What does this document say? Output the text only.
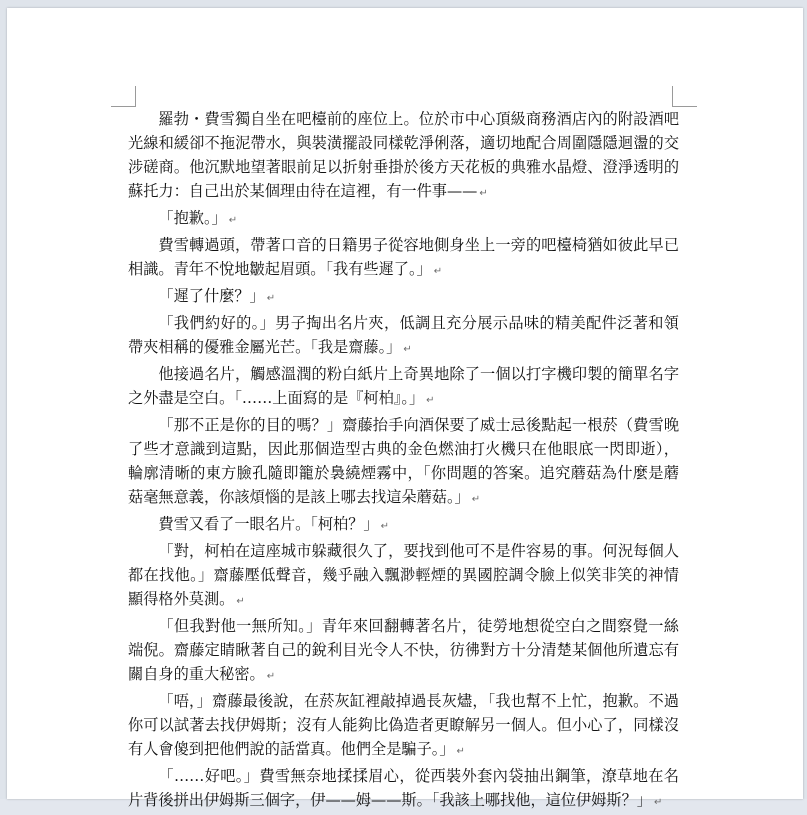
羅勃・費雪獨自坐在吧檯前的座位上。位於市中心頂級商務酒店內的附設酒吧光線和緩卻不拖泥帶水，與裝潢擺設同樣乾淨俐落，適切地配合周圍隱隱迴盪的交涉磋商。他沉默地望著眼前足以折射垂掛於後方天花板的典雅水晶燈、澄淨透明的蘇托力：自己出於某個理由待在這裡，有一件事—— ↵

「抱歉。」 ↵

費雪轉過頭，帶著口音的日籍男子從容地側身坐上一旁的吧檯椅猶如彼此早已相識。青年不悅地皺起眉頭。「我有些遲了。」 ↵

「遲了什麼？」 ↵

「我們約好的。」男子掏出名片夾，低調且充分展示品味的精美配件泛著和領帶夾相稱的優雅金屬光芒。「我是齋藤。」 ↵

他接過名片，觸感溫潤的粉白紙片上奇異地除了一個以打字機印製的簡單名字之外盡是空白。「……上面寫的是『柯柏』。」 ↵

「那不正是你的目的嗎？」齋藤抬手向酒保要了威士忌後點起一根菸（費雪晚了些才意識到這點，因此那個造型古典的金色燃油打火機只在他眼底一閃即逝），輪廓清晰的東方臉孔隨即籠於裊繞煙霧中，「你問題的答案。追究蘑菇為什麼是蘑菇毫無意義，你該煩惱的是該上哪去找這朵蘑菇。」 ↵

費雪又看了一眼名片。「柯柏？」 ↵

「對，柯柏在這座城市躲藏很久了，要找到他可不是件容易的事。何況每個人都在找他。」齋藤壓低聲音，幾乎融入飄渺輕煙的異國腔調令臉上似笑非笑的神情顯得格外莫測。 ↵

「但我對他一無所知。」青年來回翻轉著名片，徒勞地想從空白之間察覺一絲端倪。齋藤定睛瞅著自己的銳利目光令人不快，彷彿對方十分清楚某個他所遺忘有關自身的重大秘密。 ↵

「唔，」齋藤最後說，在菸灰缸裡敲掉過長灰燼，「我也幫不上忙，抱歉。不過你可以試著去找伊姆斯；沒有人能夠比偽造者更瞭解另一個人。但小心了，同樣沒有人會傻到把他們說的話當真。他們全是騙子。」 ↵

「……好吧。」費雪無奈地揉揉眉心，從西裝外套內袋抽出鋼筆，潦草地在名片背後拼出伊姆斯三個字，伊——姆——斯。「我該上哪找他，這位伊姆斯？」 ↵
